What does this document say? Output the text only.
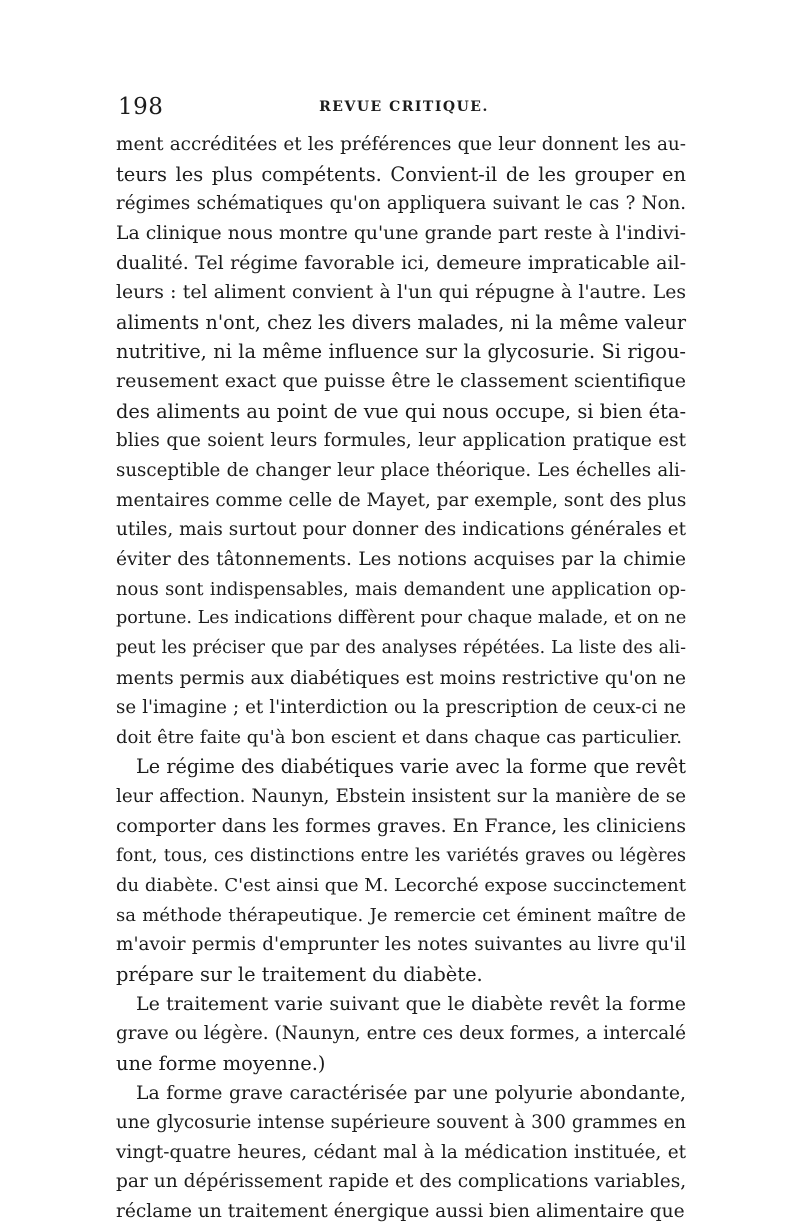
198	REVUE CRITIQUE.
ment accréditées et les préférences que leur donnent les au-
teurs les plus compétents. Convient-il de les grouper en
régimes schématiques qu'on appliquera suivant le cas ? Non.
La clinique nous montre qu'une grande part reste à l'indivi-
dualité. Tel régime favorable ici, demeure impraticable ail-
leurs : tel aliment convient à l'un qui répugne à l'autre. Les
aliments n'ont, chez les divers malades, ni la même valeur
nutritive, ni la même influence sur la glycosurie. Si rigou-
reusement exact que puisse être le classement scientifique
des aliments au point de vue qui nous occupe, si bien éta-
blies que soient leurs formules, leur application pratique est
susceptible de changer leur place théorique. Les échelles ali-
mentaires comme celle de Mayet, par exemple, sont des plus
utiles, mais surtout pour donner des indications générales et
éviter des tâtonnements. Les notions acquises par la chimie
nous sont indispensables, mais demandent une application op-
portune. Les indications diffèrent pour chaque malade, et on ne
peut les préciser que par des analyses répétées. La liste des ali-
ments permis aux diabétiques est moins restrictive qu'on ne
se l'imagine ; et l'interdiction ou la prescription de ceux-ci ne
doit être faite qu'à bon escient et dans chaque cas particulier.
Le régime des diabétiques varie avec la forme que revêt
leur affection. Naunyn, Ebstein insistent sur la manière de se
comporter dans les formes graves. En France, les cliniciens
font, tous, ces distinctions entre les variétés graves ou légères
du diabète. C'est ainsi que M. Lecorché expose succinctement
sa méthode thérapeutique. Je remercie cet éminent maître de
m'avoir permis d'emprunter les notes suivantes au livre qu'il
prépare sur le traitement du diabète.
Le traitement varie suivant que le diabète revêt la forme
grave ou légère. (Naunyn, entre ces deux formes, a intercalé
une forme moyenne.)
La forme grave caractérisée par une polyurie abondante,
une glycosurie intense supérieure souvent à 300 grammes en
vingt-quatre heures, cédant mal à la médication instituée, et
par un dépérissement rapide et des complications variables,
réclame un traitement énergique aussi bien alimentaire que
